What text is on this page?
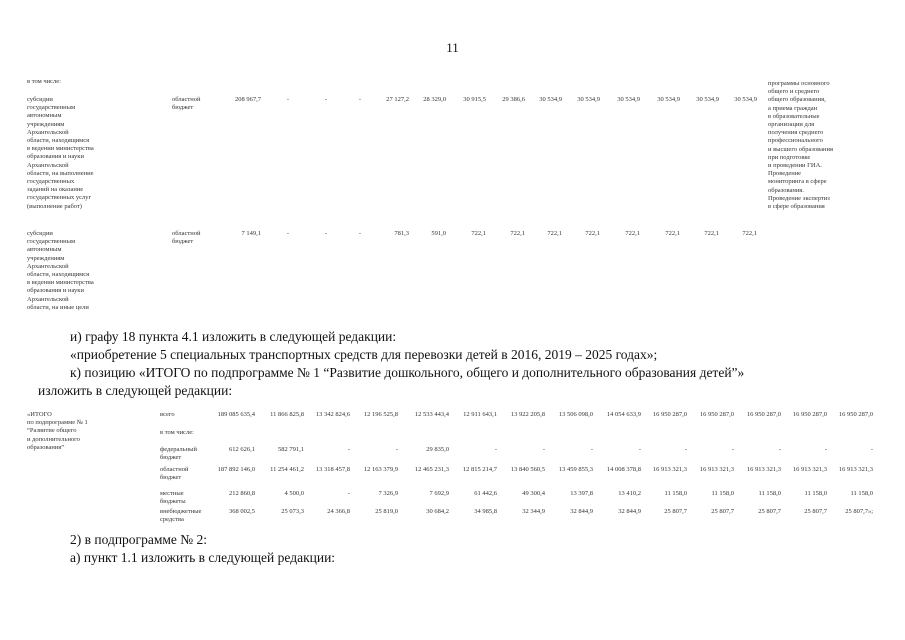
11
в том числе:
субсидии
государственным
автономным
учреждениям
Архангельской
области, находящимся
в ведении министерства
образования и науки
Архангельской
области, на выполнение
государственных
заданий на оказание
государственных услуг
(выполнение работ)
областной
бюджет
208 967,7	-	-	-	27 127,2	28 329,0	30 915,5	29 386,6	30 534,9	30 534,9	30 534,9	30 534,9	30 534,9	30 534,9
программы основного
общего и среднего
общего образования,
а приема граждан
в образовательные
организации для
получения среднего
профессионального
и высшего образования
при подготовке
и проведении ГИА.
Проведение
мониторинга в сфере
образования.
Проведение экспертиз
в сфере образования
субсидии
государственным
автономным
учреждениям
Архангельской
области, находящимся
в ведении министерства
образования и науки
Архангельской
области, на иные цели
областной
бюджет
7 149,1	-	-	-	781,3	591,0	722,1	722,1	722,1	722,1	722,1	722,1	722,1	722,1
и) графу 18 пункта 4.1 изложить в следующей редакции:
«приобретение 5 специальных транспортных средств для перевозки детей в 2016, 2019 – 2025 годах»;
к) позицию «ИТОГО по подпрограмме № 1 “Развитие дошкольного, общего и дополнительного образования детей”»
изложить в следующей редакции:
«ИТОГО
по подпрограмме № 1
“Развитие общего
и дополнительного
образования”
всего	189 085 635,4	11 866 825,8	13 342 824,6	12 196 525,8	12 533 443,4	12 911 643,1	13 922 205,8	13 506 098,0	14 054 633,9	16 950 287,0	16 950 287,0	16 950 287,0	16 950 287,0	16 950 287,0
в том числе:
федеральный
бюджет
612 626,1	582 791,1	-	-	29 835,0	-	-	-	-	-	-	-	-	-
областной
бюджет
187 892 146,0	11 254 461,2	13 318 457,8	12 163 379,9	12 465 231,3	12 815 214,7	13 840 560,5	13 459 855,3	14 008 378,8	16 913 321,3	16 913 321,3	16 913 321,3	16 913 321,3	16 913 321,3
местные
бюджеты
212 860,8	4 500,0	-	7 326,9	7 692,9	61 442,6	49 300,4	13 397,8	13 410,2	11 158,0	11 158,0	11 158,0	11 158,0	11 158,0
внебюджетные
средства
368 002,5	25 073,3	24 366,8	25 819,0	30 684,2	34 985,8	32 344,9	32 844,9	32 844,9	25 807,7	25 807,7	25 807,7	25 807,7	25 807,7»;
2) в подпрограмме № 2:
а) пункт 1.1 изложить в следующей редакции:
